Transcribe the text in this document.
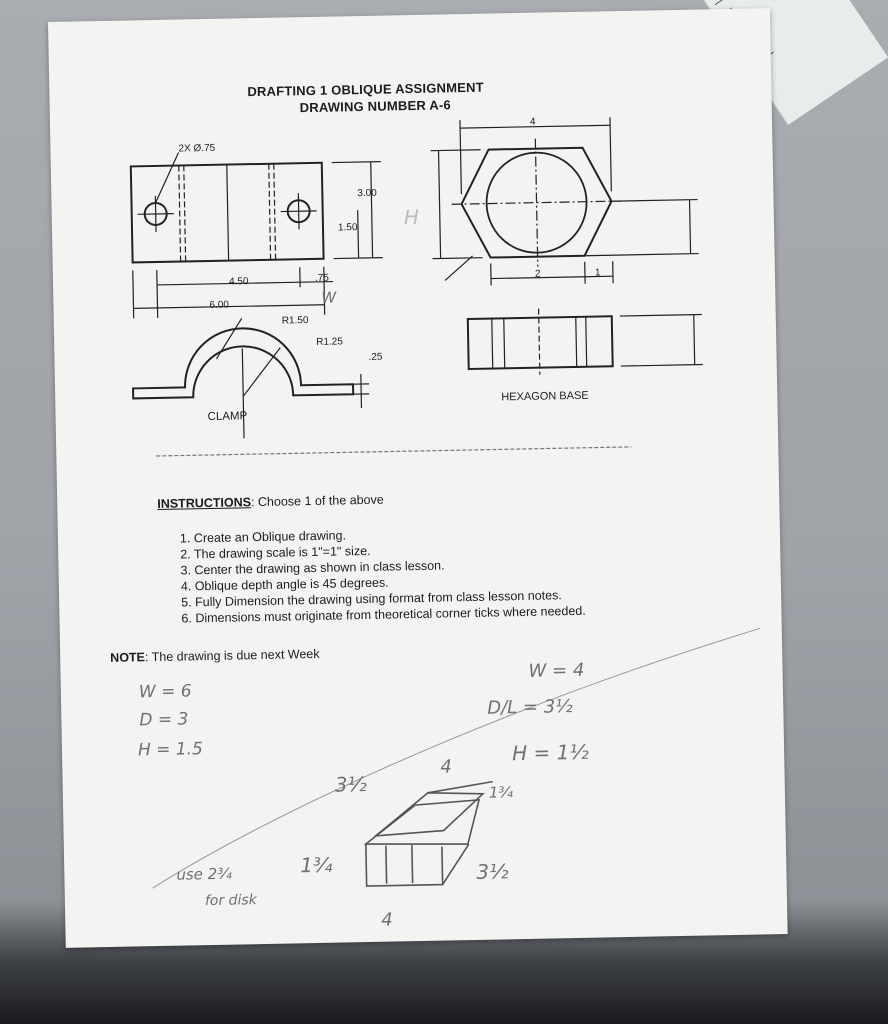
DRAFTING 1 OBLIQUE ASSIGNMENT
DRAWING NUMBER A-6
2X Ø.75
3.00
1.50
4.50	.75
6.00
R1.50
R1.25
.25
CLAMP
4
2	1
HEXAGON BASE
INSTRUCTIONS: Choose 1 of the above
1. Create an Oblique drawing.
2. The drawing scale is 1"=1" size.
3. Center the drawing as shown in class lesson.
4. Oblique depth angle is 45 degrees.
5. Fully Dimension the drawing using format from class lesson notes.
6. Dimensions must originate from theoretical corner ticks where needed.
NOTE: The drawing is due next Week
W = 6
D = 3
H = 1.5
W = 4
D/L = 3½
H = 1½
3½
4
1¾
1¾	3½
4
use 2¾
for disk
W
H
